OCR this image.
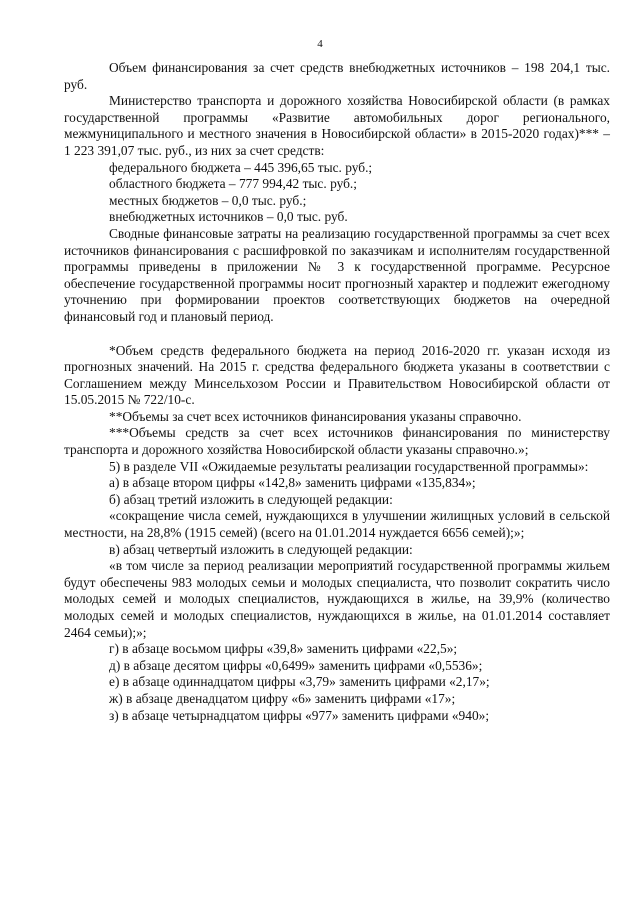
4

Объем финансирования за счет средств внебюджетных источников – 198 204,1 тыс. руб.

Министерство транспорта и дорожного хозяйства Новосибирской области (в рамках государственной программы «Развитие автомобильных дорог регионального, межмуниципального и местного значения в Новосибирской области» в 2015-2020 годах)*** – 1 223 391,07 тыс. руб., из них за счет средств:

федерального бюджета – 445 396,65 тыс. руб.;

областного бюджета – 777 994,42 тыс. руб.;

местных бюджетов – 0,0 тыс. руб.;

внебюджетных источников – 0,0 тыс. руб.

Сводные финансовые затраты на реализацию государственной программы за счет всех источников финансирования с расшифровкой по заказчикам и исполнителям государственной программы приведены в приложении № 3 к государственной программе. Ресурсное обеспечение государственной программы носит прогнозный характер и подлежит ежегодному уточнению при формировании проектов соответствующих бюджетов на очередной финансовый год и плановый период.

*Объем средств федерального бюджета на период 2016-2020 гг. указан исходя из прогнозных значений. На 2015 г. средства федерального бюджета указаны в соответствии с Соглашением между Минсельхозом России и Правительством Новосибирской области от 15.05.2015 № 722/10-с.

**Объемы за счет всех источников финансирования указаны справочно.

***Объемы средств за счет всех источников финансирования по министерству транспорта и дорожного хозяйства Новосибирской области указаны справочно.»;

5) в разделе VII «Ожидаемые результаты реализации государственной программы»:

а) в абзаце втором цифры «142,8» заменить цифрами «135,834»;

б) абзац третий изложить в следующей редакции:

«сокращение числа семей, нуждающихся в улучшении жилищных условий в сельской местности, на 28,8% (1915 семей) (всего на 01.01.2014 нуждается 6656 семей);»;

в) абзац четвертый изложить в следующей редакции:

«в том числе за период реализации мероприятий государственной программы жильем будут обеспечены 983 молодых семьи и молодых специалиста, что позволит сократить число молодых семей и молодых специалистов, нуждающихся в жилье, на 39,9% (количество молодых семей и молодых специалистов, нуждающихся в жилье, на 01.01.2014 составляет 2464 семьи);»;

г) в абзаце восьмом цифры «39,8» заменить цифрами «22,5»;

д) в абзаце десятом цифры «0,6499» заменить цифрами «0,5536»;

е) в абзаце одиннадцатом цифры «3,79» заменить цифрами «2,17»;

ж) в абзаце двенадцатом цифру «6» заменить цифрами «17»;

з) в абзаце четырнадцатом цифры «977» заменить цифрами «940»;
